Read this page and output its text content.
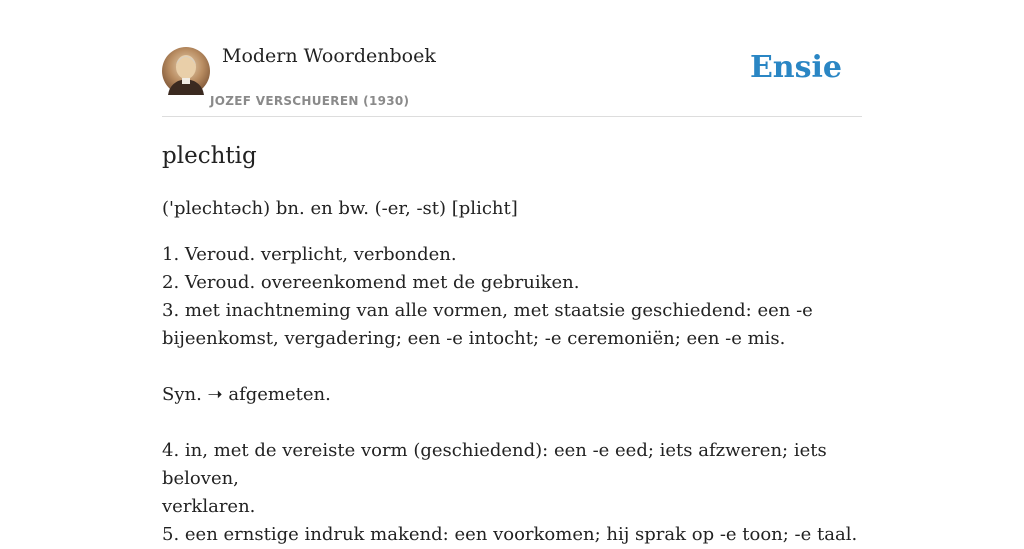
Modern Woordenboek
JOZEF VERSCHUEREN (1930)
Ensie
plechtig
('plechtəch) bn. en bw. (-er, -st) [plicht]
1. Veroud. verplicht, verbonden.
2. Veroud. overeenkomend met de gebruiken.
3. met inachtneming van alle vormen, met staatsie geschiedend: een -e
bijeenkomst, vergadering; een -e intocht; -e ceremoniën; een -e mis.
Syn. ➝ afgemeten.
4. in, met de vereiste vorm (geschiedend): een -e eed; iets afzweren; iets beloven,
verklaren.
5. een ernstige indruk makend: een voorkomen; hij sprak op -e toon; -e taal.
